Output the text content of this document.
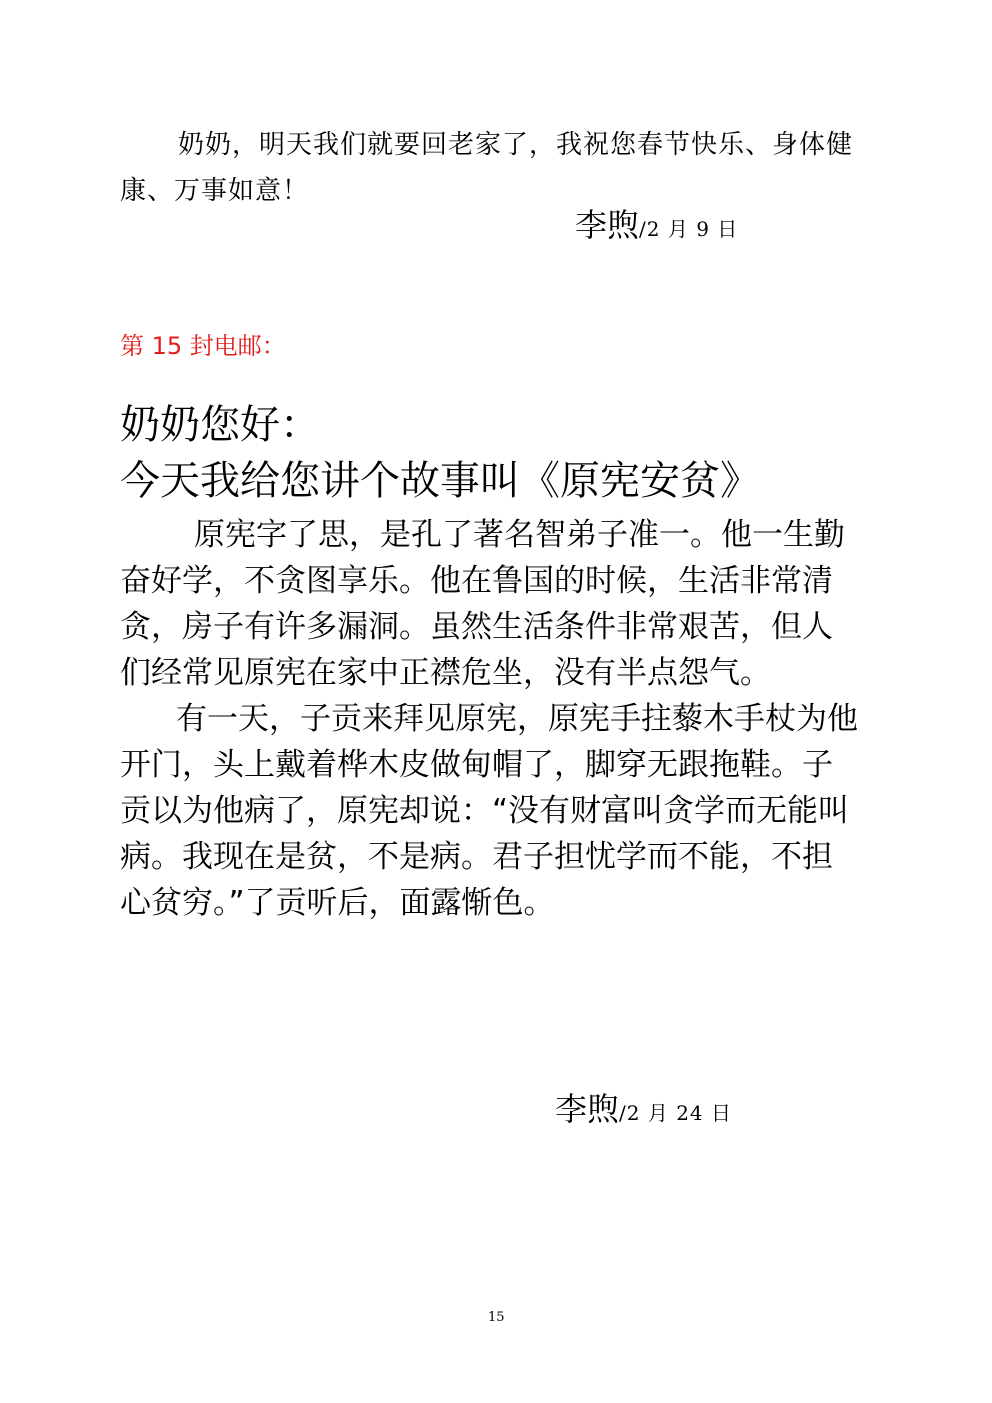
奶奶，明天我们就要回老家了，我祝您春节快乐、身体健康、万事如意！
李煦/2 月 9 日
第 15 封电邮：
奶奶您好：
今天我给您讲个故事叫《原宪安贫》

原宪字了思，是孔了著名智弟子准一。他一生勤奋好学，不贪图享乐。他在鲁国的时候，生活非常清贪，房子有许多漏洞。虽然生活条件非常艰苦，但人们经常见原宪在家中正襟危坐，没有半点怨气。

有一天，子贡来拜见原宪，原宪手拄藜木手杖为他开门，头上戴着桦木皮做甸帽了，脚穿无跟拖鞋。子贡以为他病了，原宪却说：“没有财富叫贪学而无能叫病。我现在是贫，不是病。君子担忧学而不能，不担心贫穷。”了贡听后，面露惭色。

李煦/2 月 24 日
15
